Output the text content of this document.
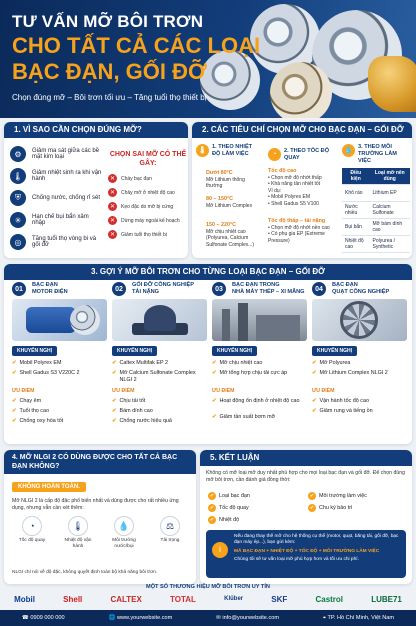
TƯ VẤN MỠ BÔI TRƠN
CHO TẤT CẢ CÁC LOẠI
BẠC ĐẠN, GỐI ĐỠ
Chọn đúng mỡ – Bôi trơn tối ưu – Tăng tuổi thọ thiết bị
1. VÌ SAO CẦN CHỌN ĐÚNG MỠ?
⚙	Giảm ma sát giữa các bề mặt kim loại
🌡	Giảm nhiệt sinh ra khi vận hành
⛨	Chống nước, chống rỉ sét
✳	Hạn chế bụi bẩn xâm nhập
◎	Tăng tuổi thọ vòng bi và gối đỡ
CHỌN SAI MỠ CÓ THỂ GÂY:
✕	Cháy bạc đạn
✕	Chảy mỡ ở nhiệt độ cao
✕	Kẹo đặc do mỡ bị cứng
✕	Dừng máy ngoài kế hoạch
✕	Giảm tuổi thọ thiết bị
2. CÁC TIÊU CHÍ CHỌN MỠ CHO BẠC ĐẠN – GỐI ĐỠ
🌡 1. THEO NHIỆT ĐỘ LÀM VIỆC
Dưới 80°C
Mỡ Lithium thông thường
80 – 150°C
Mỡ Lithium Complex
150 – 220°C
Mỡ chịu nhiệt cao (Polyurea, Calcium Sulfonate Complex...)
◔	2. THEO TỐC ĐỘ QUAY
Tốc độ cao
• Chọn mỡ độ nhớt thấp
• Khả năng tản nhiệt tốt
Ví dụ:
• Mobil Polyrex EM
• Shell Gadus S5 V100
Tốc độ thấp – tải nặng
• Chọn mỡ độ nhớt nền cao
• Có phụ gia EP (Extreme Pressure)
💧 3. THEO MÔI TRƯỜNG LÀM VIỆC
Điều kiện	Loại mỡ nên dùng
Khô ráo	Lithium EP
Nước nhiều	Calcium Sulfonate
Bụi bẩn	Mỡ bám dính cao
Nhiệt độ cao	Polyurea / Synthetic
3. GỢI Ý MỠ BÔI TRƠN CHO TỪNG LOẠI BẠC ĐẠN – GỐI ĐỠ
01
BẠC ĐẠN
MOTOR ĐIỆN
KHUYẾN NGHỊ
✔ Mobil Polyrex EM
✔ Shell Gadus S3 V220C 2
ƯU ĐIỂM
✔ Chạy êm
✔ Tuổi thọ cao
✔ Chống oxy hóa tốt
02
GỐI ĐỠ CÔNG NGHIỆP
TẢI NẶNG
KHUYẾN NGHỊ
✔ Caltex Multifak EP 2
✔ Mỡ Calcium Sulfonate Complex NLGI 2
ƯU ĐIỂM
✔ Chịu tải tốt
✔ Bám dính cao
✔ Chống nước hiệu quả
03
BẠC ĐẠN TRONG
NHÀ MÁY THÉP – XI MĂNG
KHUYẾN NGHỊ
✔ Mỡ chịu nhiệt cao
✔ Mỡ tổng hợp chịu tải cực áp
ƯU ĐIỂM
✔ Hoạt động ổn định ở nhiệt độ cao
✔ Giảm tần suất bơm mỡ
04
BẠC ĐẠN
QUẠT CÔNG NGHIỆP
KHUYẾN NGHỊ
✔ Mỡ Polyurea
✔ Mỡ Lithium Complex NLGI 2
ƯU ĐIỂM
✔ Vận hành tốc độ cao
✔ Giảm rung và tiếng ồn
4. MỠ NLGI 2 CÓ DÙNG ĐƯỢC CHO TẤT CẢ BẠC ĐẠN KHÔNG?
KHÔNG HOÀN TOÀN.
Mỡ NLGI 2 là cấp độ đặc phổ biến nhất và dùng được cho rất nhiều ứng dụng, nhưng vẫn cần xét thêm:
◔
Tốc độ quay
🌡
Nhiệt độ vận hành
💧
Môi trường nước/bụi
⚖
Tải trọng
NLGI chỉ nói về độ đặc, không quyết định toàn bộ khả năng bôi trơn.
5. KẾT LUẬN
Không có mỡ loại mỡ duy nhất phù hợp cho mọi loại bạc đạn và gối đỡ. Để chọn đúng mỡ bôi trơn, cần đánh giá đồng thời:
✔ Loại bạc đạn
✔ Tốc độ quay
✔ Nhiệt độ
✔ Môi trường làm việc
✔ Chu kỳ bảo trì
i
Nếu đang thay thế mỡ cho hệ thống cụ thể (motor, quạt, băng tải, gối đỡ, bạc đạn máy ép...), bạn gửi kèm:
MÃ BẠC ĐẠN + NHIỆT ĐỘ + TỐC ĐỘ + MÔI TRƯỜNG LÀM VIỆC
Chúng tôi sẽ tư vấn loại mỡ phù hợp hơn và tối ưu chi phí.
MỘT SỐ THƯƠNG HIỆU MỠ BÔI TRƠN UY TÍN
Mobil	Shell	CALTEX	TOTAL	Klüber	SKF	Castrol	LUBE71
☎ 0909 000 000	🌐 www.yourwebsite.com	✉ info@yourwebsite.com	⌖ TP. Hồ Chí Minh, Việt Nam
